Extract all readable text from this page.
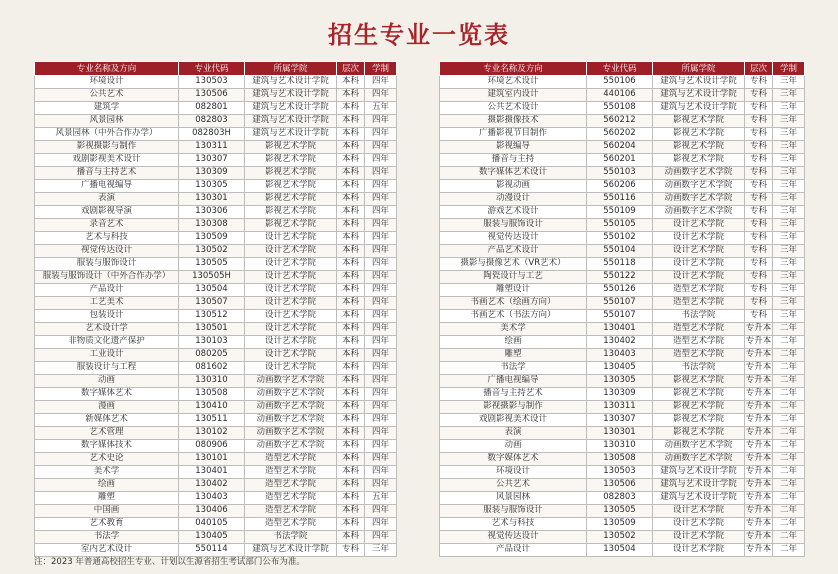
招生专业一览表
专业名称及方向	专业代码	所属学院	层次	学制
环境设计	130503	建筑与艺术设计学院	本科	四年
公共艺术	130506	建筑与艺术设计学院	本科	四年
建筑学	082801	建筑与艺术设计学院	本科	五年
风景园林	082803	建筑与艺术设计学院	本科	四年
风景园林（中外合作办学）	082803H	建筑与艺术设计学院	本科	四年
影视摄影与制作	130311	影视艺术学院	本科	四年
戏剧影视美术设计	130307	影视艺术学院	本科	四年
播音与主持艺术	130309	影视艺术学院	本科	四年
广播电视编导	130305	影视艺术学院	本科	四年
表演	130301	影视艺术学院	本科	四年
戏剧影视导演	130306	影视艺术学院	本科	四年
录音艺术	130308	影视艺术学院	本科	四年
艺术与科技	130509	设计艺术学院	本科	四年
视觉传达设计	130502	设计艺术学院	本科	四年
服装与服饰设计	130505	设计艺术学院	本科	四年
服装与服饰设计（中外合作办学）	130505H	设计艺术学院	本科	四年
产品设计	130504	设计艺术学院	本科	四年
工艺美术	130507	设计艺术学院	本科	四年
包装设计	130512	设计艺术学院	本科	四年
艺术设计学	130501	设计艺术学院	本科	四年
非物质文化遗产保护	130103	设计艺术学院	本科	四年
工业设计	080205	设计艺术学院	本科	四年
服装设计与工程	081602	设计艺术学院	本科	四年
动画	130310	动画数字艺术学院	本科	四年
数字媒体艺术	130508	动画数字艺术学院	本科	四年
漫画	130410	动画数字艺术学院	本科	四年
新媒体艺术	130511	动画数字艺术学院	本科	四年
艺术管理	130102	动画数字艺术学院	本科	四年
数字媒体技术	080906	动画数字艺术学院	本科	四年
艺术史论	130101	造型艺术学院	本科	四年
美术学	130401	造型艺术学院	本科	四年
绘画	130402	造型艺术学院	本科	四年
雕塑	130403	造型艺术学院	本科	五年
中国画	130406	造型艺术学院	本科	四年
艺术教育	040105	造型艺术学院	本科	四年
书法学	130405	书法学院	本科	四年
室内艺术设计	550114	建筑与艺术设计学院	专科	三年
专业名称及方向	专业代码	所属学院	层次	学制
环境艺术设计	550106	建筑与艺术设计学院	专科	三年
建筑室内设计	440106	建筑与艺术设计学院	专科	三年
公共艺术设计	550108	建筑与艺术设计学院	专科	三年
摄影摄像技术	560212	影视艺术学院	专科	三年
广播影视节目制作	560202	影视艺术学院	专科	三年
影视编导	560204	影视艺术学院	专科	三年
播音与主持	560201	影视艺术学院	专科	三年
数字媒体艺术设计	550103	动画数字艺术学院	专科	三年
影视动画	560206	动画数字艺术学院	专科	三年
动漫设计	550116	动画数字艺术学院	专科	三年
游戏艺术设计	550109	动画数字艺术学院	专科	三年
服装与服饰设计	550105	设计艺术学院	专科	三年
视觉传达设计	550102	设计艺术学院	专科	三年
产品艺术设计	550104	设计艺术学院	专科	三年
摄影与摄像艺术（VR艺术）	550118	设计艺术学院	专科	三年
陶瓷设计与工艺	550122	设计艺术学院	专科	三年
雕塑设计	550126	造型艺术学院	专科	三年
书画艺术（绘画方向）	550107	造型艺术学院	专科	三年
书画艺术（书法方向）	550107	书法学院	专科	三年
美术学	130401	造型艺术学院	专升本	二年
绘画	130402	造型艺术学院	专升本	二年
雕塑	130403	造型艺术学院	专升本	二年
书法学	130405	书法学院	专升本	二年
广播电视编导	130305	影视艺术学院	专升本	二年
播音与主持艺术	130309	影视艺术学院	专升本	二年
影视摄影与制作	130311	影视艺术学院	专升本	二年
戏剧影视美术设计	130307	影视艺术学院	专升本	二年
表演	130301	影视艺术学院	专升本	二年
动画	130310	动画数字艺术学院	专升本	二年
数字媒体艺术	130508	动画数字艺术学院	专升本	二年
环境设计	130503	建筑与艺术设计学院	专升本	二年
公共艺术	130506	建筑与艺术设计学院	专升本	二年
风景园林	082803	建筑与艺术设计学院	专升本	二年
服装与服饰设计	130505	设计艺术学院	专升本	二年
艺术与科技	130509	设计艺术学院	专升本	二年
视觉传达设计	130502	设计艺术学院	专升本	二年
产品设计	130504	设计艺术学院	专升本	二年
注：2023 年普通高校招生专业、计划以生源省招生考试部门公布为准。
